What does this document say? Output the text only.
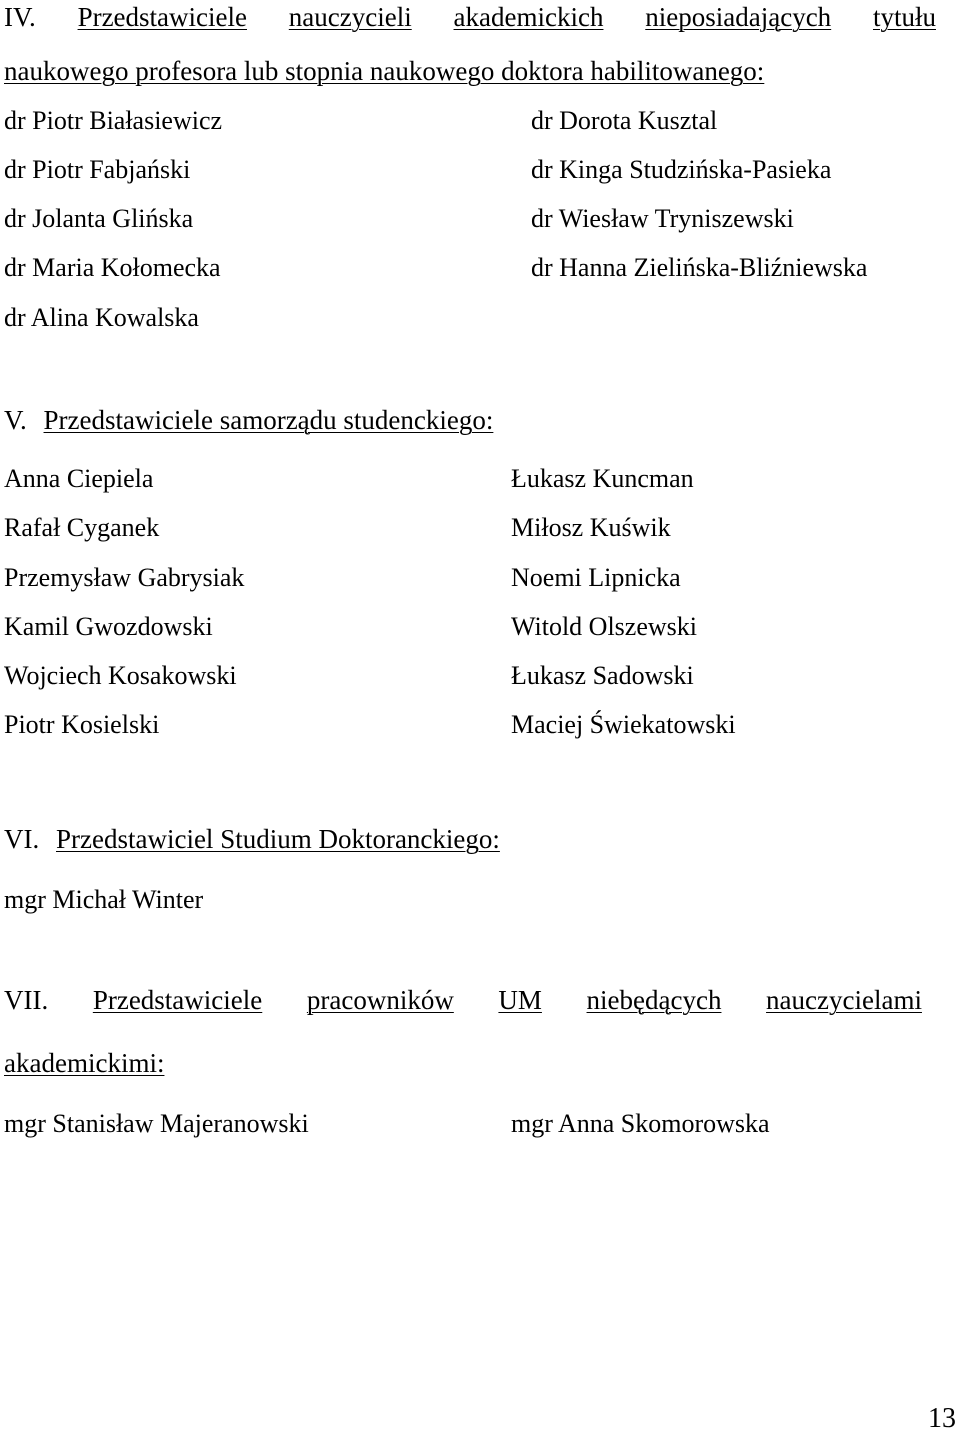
IV. Przedstawiciele nauczycieli akademickich nieposiadających tytułu
naukowego profesora lub stopnia naukowego doktora habilitowanego:
dr Piotr Białasiewicz	dr Dorota Kusztal
dr Piotr Fabjański	dr Kinga Studzińska-Pasieka
dr Jolanta Glińska	dr Wiesław Tryniszewski
dr Maria Kołomecka	dr Hanna Zielińska-Bliźniewska
dr Alina Kowalska
V. Przedstawiciele samorządu studenckiego:
Anna Ciepiela	Łukasz Kuncman
Rafał Cyganek	Miłosz Kuświk
Przemysław Gabrysiak	Noemi Lipnicka
Kamil Gwozdowski	Witold Olszewski
Wojciech Kosakowski	Łukasz Sadowski
Piotr Kosielski	Maciej Świekatowski
VI. Przedstawiciel Studium Doktoranckiego:
mgr Michał Winter
VII. Przedstawiciele pracowników UM niebędących nauczycielami
akademickimi:
mgr Stanisław Majeranowski	mgr Anna Skomorowska
13
